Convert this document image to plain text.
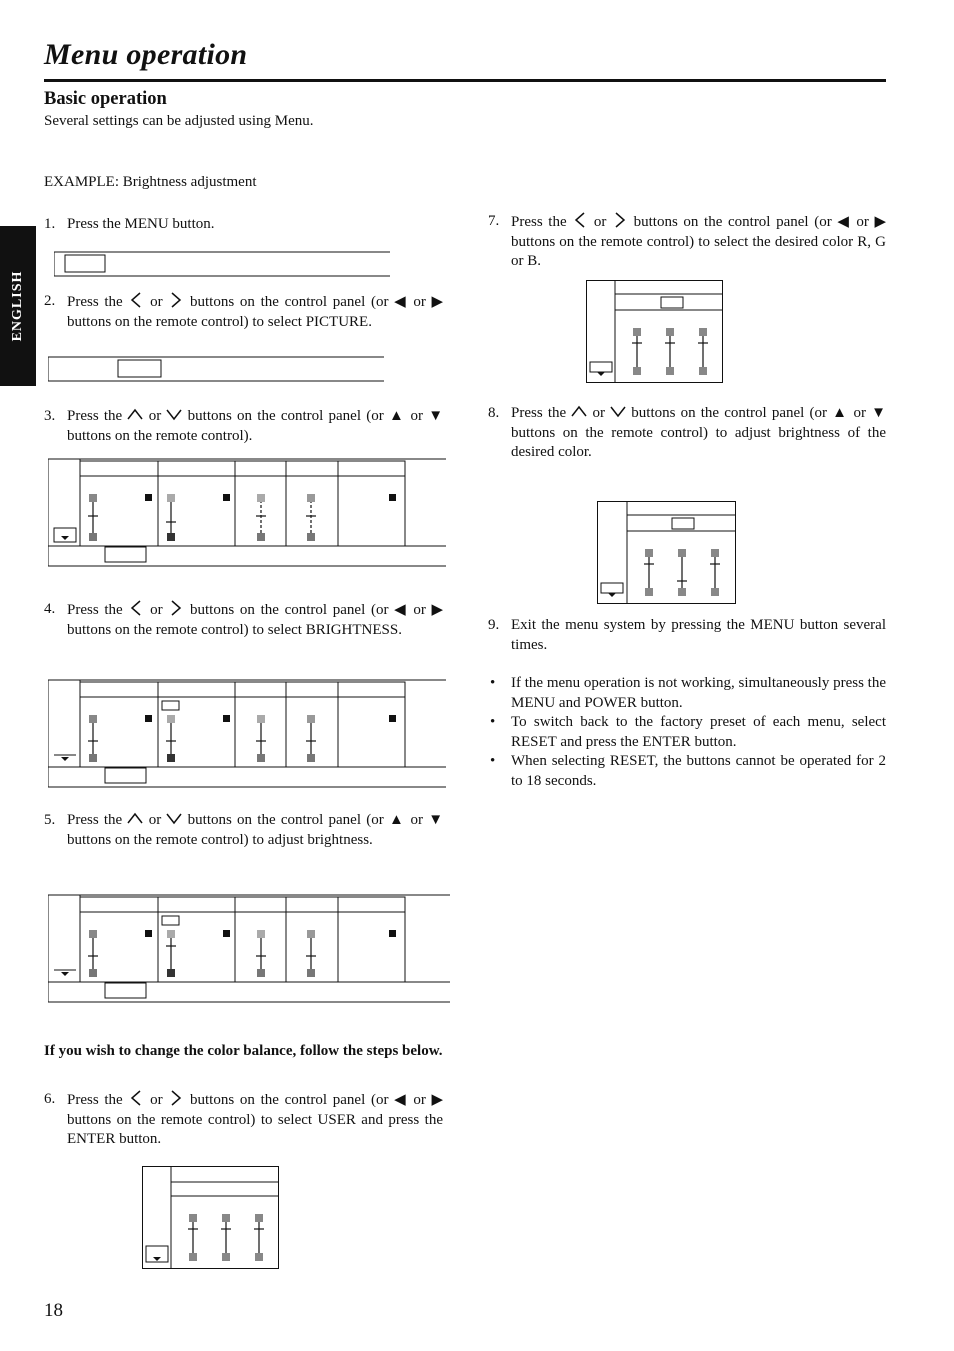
Menu operation
Basic operation
Several settings can be adjusted using Menu.
EXAMPLE: Brightness adjustment
ENGLISH
1. Press the MENU button.
2. Press the or buttons on the control panel (or ◀ or ▶ buttons on the remote control) to select PICTURE.
3. Press the or buttons on the control panel (or ▲ or ▼ buttons on the remote control).
4. Press the or buttons on the control panel (or ◀ or ▶ buttons on the remote control) to select BRIGHTNESS.
5. Press the or buttons on the control panel (or ▲ or ▼ buttons on the remote control) to adjust brightness.
If you wish to change the color balance, follow the steps below.
6. Press the or buttons on the control panel (or ◀ or ▶ buttons on the remote control) to select USER and press the ENTER button.
7. Press the or buttons on the control panel (or ◀ or ▶ buttons on the remote control) to select the desired color R, G or B.
8. Press the or buttons on the control panel (or ▲ or ▼ buttons on the remote control) to adjust brightness of the desired color.
9. Exit the menu system by pressing the MENU button several times.
• If the menu operation is not working, simultaneously press the MENU and POWER button.
• To switch back to the factory preset of each menu, select RESET and press the ENTER button.
• When selecting RESET, the buttons cannot be operated for 2 to 18 seconds.
18
